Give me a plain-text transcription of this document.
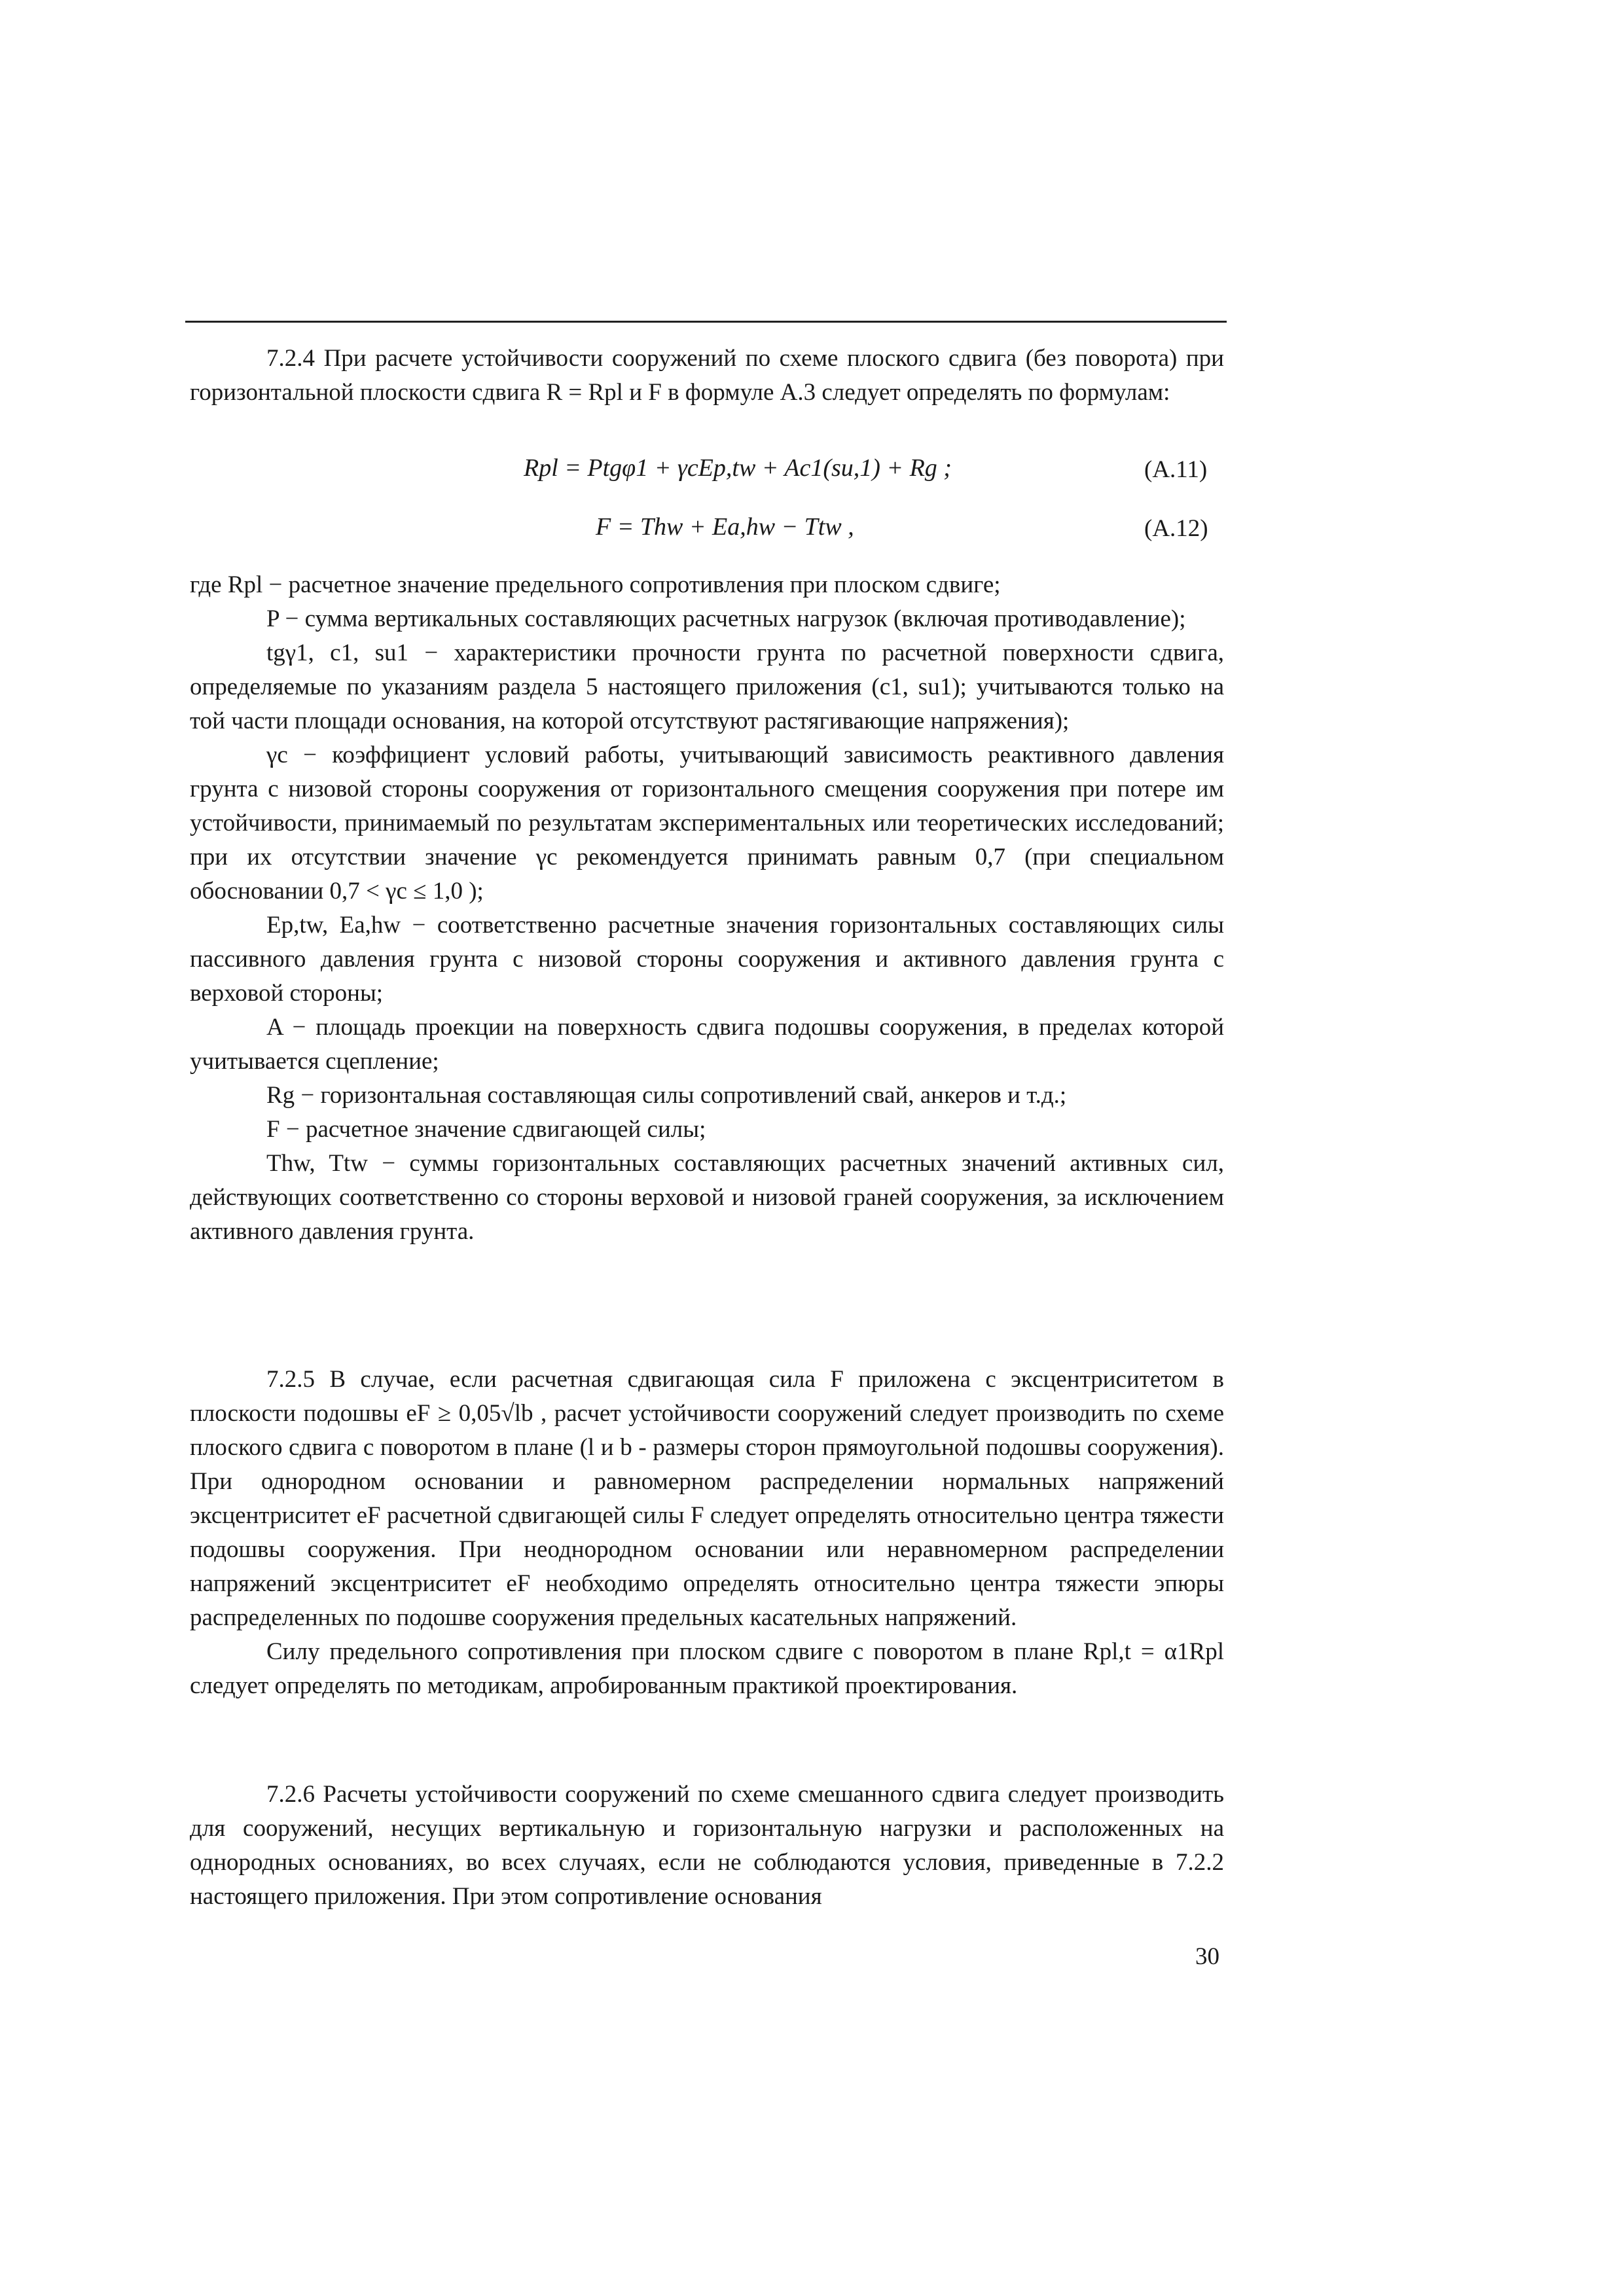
7.2.4 При расчете устойчивости сооружений по схеме плоского сдвига (без поворота) при горизонтальной плоскости сдвига R = Rpl и F в формуле А.3 следует определять по формулам:

Rpl = Ptgφ1 + γcEp,tw + Ac1(su,1) + Rg ;	(А.11)
F = Thw + Ea,hw − Ttw ,	(А.12)

где Rpl − расчетное значение предельного сопротивления при плоском сдвиге;

P − сумма вертикальных составляющих расчетных нагрузок (включая противодавление);

tgγ1, c1, su1 − характеристики прочности грунта по расчетной поверхности сдвига, определяемые по указаниям раздела 5 настоящего приложения (c1, su1); учитываются только на той части площади основания, на которой отсутствуют растягивающие напряжения);

γc − коэффициент условий работы, учитывающий зависимость реактивного давления грунта с низовой стороны сооружения от горизонтального смещения сооружения при потере им устойчивости, принимаемый по результатам экспериментальных или теоретических исследований; при их отсутствии значение γc рекомендуется принимать равным 0,7 (при специальном обосновании 0,7 < γc ≤ 1,0 );

Ep,tw, Ea,hw − соответственно расчетные значения горизонтальных составляющих силы пассивного давления грунта с низовой стороны сооружения и активного давления грунта с верховой стороны;

A − площадь проекции на поверхность сдвига подошвы сооружения, в пределах которой учитывается сцепление;

Rg − горизонтальная составляющая силы сопротивлений свай, анкеров и т.д.;

F − расчетное значение сдвигающей силы;

Thw, Ttw − суммы горизонтальных составляющих расчетных значений активных сил, действующих соответственно со стороны верховой и низовой граней сооружения, за исключением активного давления грунта.

7.2.5 В случае, если расчетная сдвигающая сила F приложена с эксцентриситетом в плоскости подошвы eF ≥ 0,05√lb , расчет устойчивости сооружений следует производить по схеме плоского сдвига с поворотом в плане (l и b - размеры сторон прямоугольной подошвы сооружения). При однородном основании и равномерном распределении нормальных напряжений эксцентриситет eF расчетной сдвигающей силы F следует определять относительно центра тяжести подошвы сооружения. При неоднородном основании или неравномерном распределении напряжений эксцентриситет eF необходимо определять относительно центра тяжести эпюры распределенных по подошве сооружения предельных касательных напряжений.

Силу предельного сопротивления при плоском сдвиге с поворотом в плане Rpl,t = α1Rpl следует определять по методикам, апробированным практикой проектирования.

7.2.6 Расчеты устойчивости сооружений по схеме смешанного сдвига следует производить для сооружений, несущих вертикальную и горизонтальную нагрузки и расположенных на однородных основаниях, во всех случаях, если не соблюдаются условия, приведенные в 7.2.2 настоящего приложения. При этом сопротивление основания

30
